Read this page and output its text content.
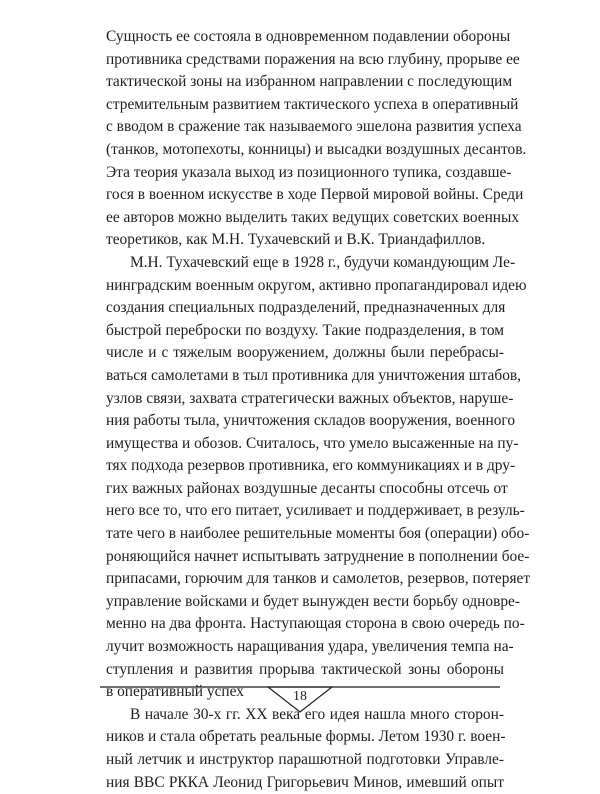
Сущность ее состояла в одновременном подавлении обороны
противника средствами поражения на всю глубину, прорыве ее
тактической зоны на избранном направлении с последующим
стремительным развитием тактического успеха в оперативный
с вводом в сражение так называемого эшелона развития успеха
(танков, мотопехоты, конницы) и высадки воздушных десантов.
Эта теория указала выход из позиционного тупика, создавше-
гося в военном искусстве в ходе Первой мировой войны. Среди
ее авторов можно выделить таких ведущих советских военных
теоретиков, как М.Н. Тухачевский и В.К. Триандафиллов.
М.Н. Тухачевский еще в 1928 г., будучи командующим Ле-
нинградским военным округом, активно пропагандировал идею
создания специальных подразделений, предназначенных для
быстрой переброски по воздуху. Такие подразделения, в том
числе и с тяжелым вооружением, должны были перебрасы-
ваться самолетами в тыл противника для уничтожения штабов,
узлов связи, захвата стратегически важных объектов, наруше-
ния работы тыла, уничтожения складов вооружения, военного
имущества и обозов. Считалось, что умело высаженные на пу-
тях подхода резервов противника, его коммуникациях и в дру-
гих важных районах воздушные десанты способны отсечь от
него все то, что его питает, усиливает и поддерживает, в резуль-
тате чего в наиболее решительные моменты боя (операции) обо-
роняющийся начнет испытывать затруднение в пополнении бое-
припасами, горючим для танков и самолетов, резервов, потеряет
управление войсками и будет вынужден вести борьбу одновре-
менно на два фронта. Наступающая сторона в свою очередь по-
лучит возможность наращивания удара, увеличения темпа на-
ступления и развития прорыва тактической зоны обороны
в оперативный успех
В начале 30-х гг. XX века его идея нашла много сторон-
ников и стала обретать реальные формы. Летом 1930 г. воен-
ный летчик и инструктор парашютной подготовки Управле-
ния ВВС РККА Леонид Григорьевич Минов, имевший опыт
18
